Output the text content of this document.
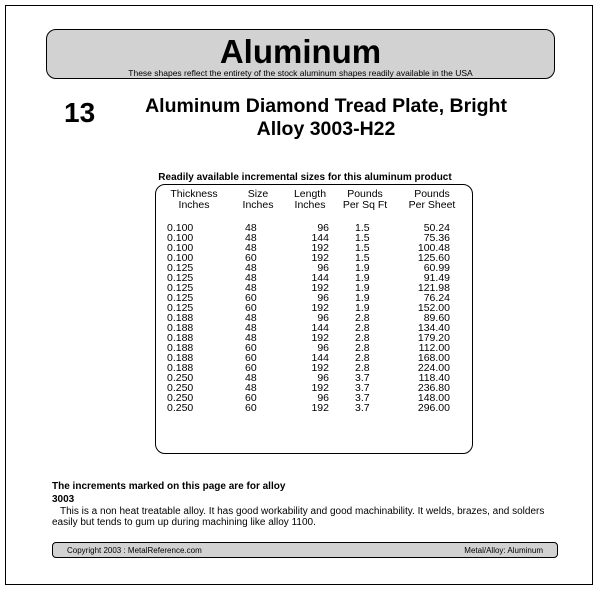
Aluminum
These shapes reflect the entirety of the stock aluminum shapes readily available in the USA
13	Aluminum Diamond Tread Plate, Bright
Alloy 3003-H22
Readily available incremental sizes for this aluminum product
Thickness
Inches
0.100
0.100
0.100
0.100
0.125
0.125
0.125
0.125
0.125
0.188
0.188
0.188
0.188
0.188
0.188
0.250
0.250
0.250
0.250
Size
Inches
48
48
48
60
48
48
48
60
60
48
48
48
60
60
60
48
48
60
60
Length
Inches
96
144
192
192
96
144
192
96
192
96
144
192
96
144
192
96
192
96
192
Pounds
Per Sq Ft
1.5
1.5
1.5
1.5
1.9
1.9
1.9
1.9
1.9
2.8
2.8
2.8
2.8
2.8
2.8
3.7
3.7
3.7
3.7
Pounds
Per Sheet
50.24
75.36
100.48
125.60
60.99
91.49
121.98
76.24
152.00
89.60
134.40
179.20
112.00
168.00
224.00
118.40
236.80
148.00
296.00
The increments marked on this page are for alloy
3003
This is a non heat treatable alloy. It has good workability and good machinability. It welds, brazes, and solders easily but tends to gum up during machining like alloy 1100.
Copyright 2003 : MetalReference.com	Metal/Alloy: Aluminum
